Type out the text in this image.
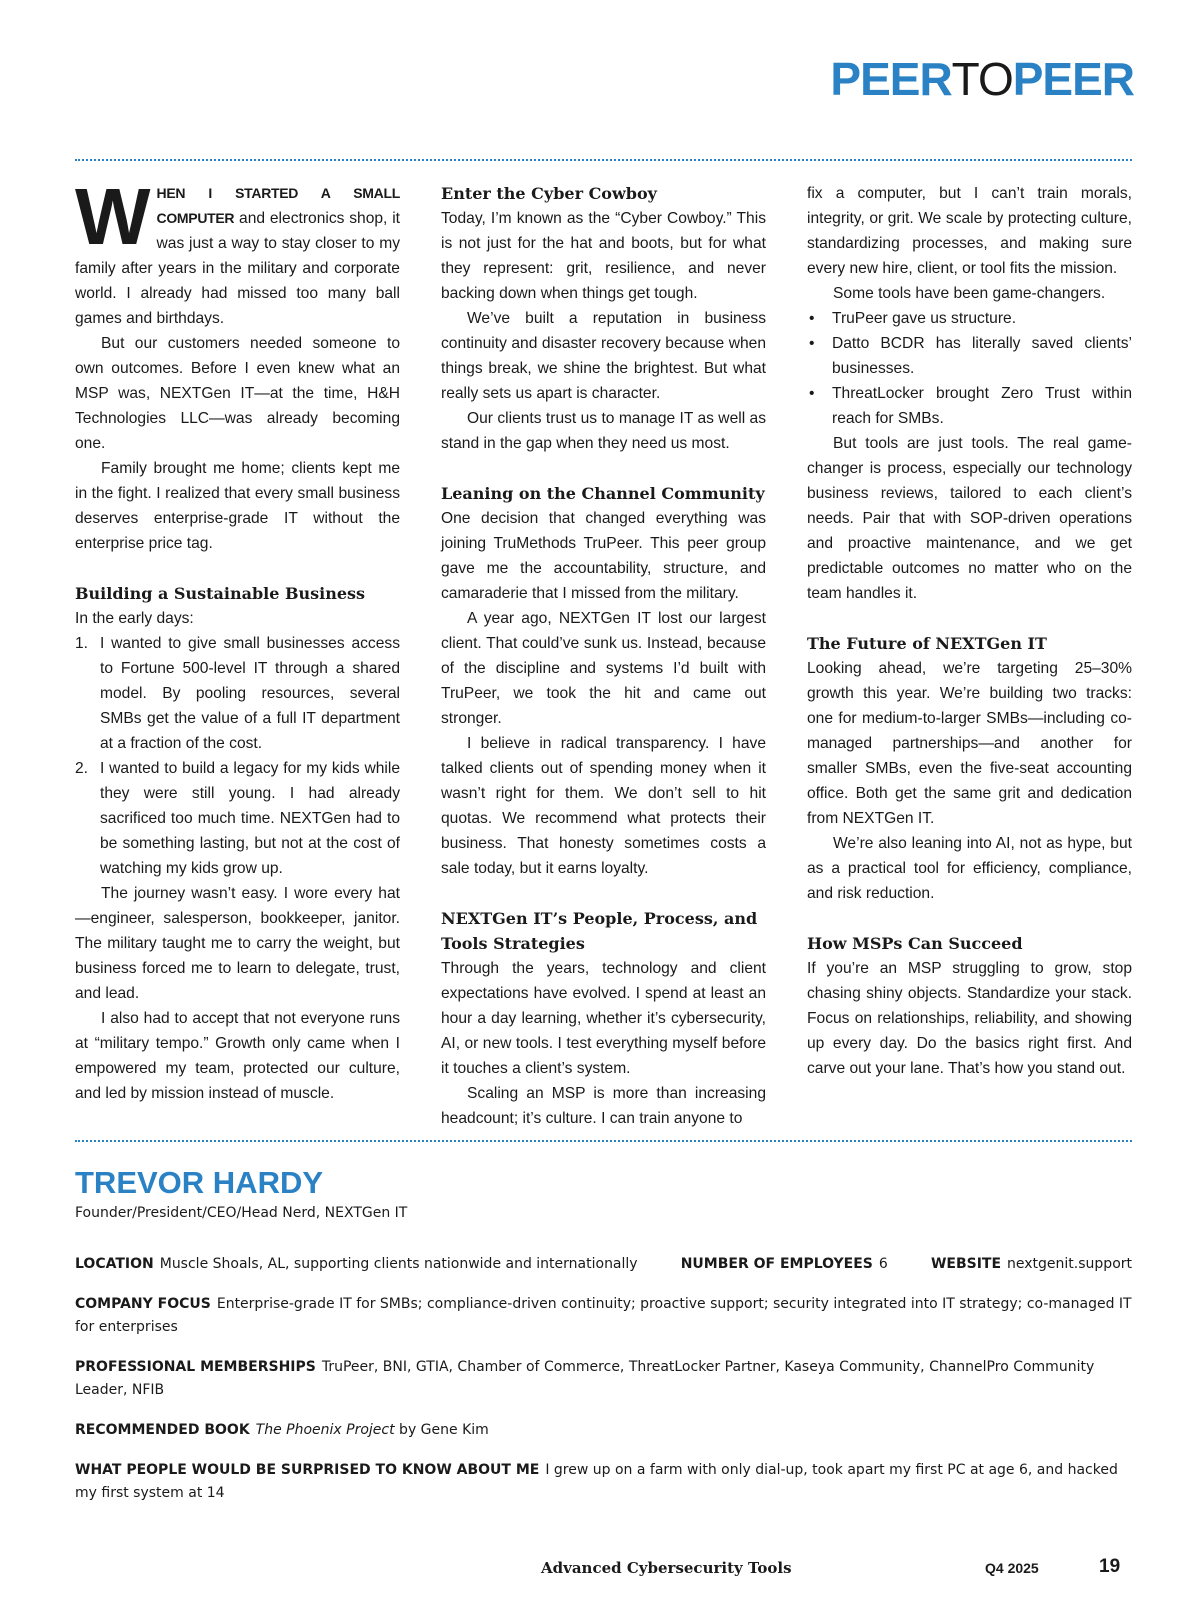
PEERTOPEER

WHEN I STARTED A SMALL COMPUTER and electronics shop, it was just a way to stay closer to my family after years in the military and corporate world. I already had missed too many ball games and birthdays.

But our customers needed someone to own outcomes. Before I even knew what an MSP was, NEXTGen IT—at the time, H&H Technologies LLC—was already becoming one.

Family brought me home; clients kept me in the fight. I realized that every small business deserves enterprise-grade IT without the enterprise price tag.

Building a Sustainable Business

In the early days:

1. I wanted to give small businesses access to Fortune 500-level IT through a shared model. By pooling resources, several SMBs get the value of a full IT department at a fraction of the cost.
2. I wanted to build a legacy for my kids while they were still young. I had already sacrificed too much time. NEXTGen had to be something lasting, but not at the cost of watching my kids grow up.

The journey wasn’t easy. I wore every hat—engineer, salesperson, bookkeeper, janitor. The military taught me to carry the weight, but business forced me to learn to delegate, trust, and lead.

I also had to accept that not everyone runs at “military tempo.” Growth only came when I empowered my team, protected our culture, and led by mission instead of muscle.

Enter the Cyber Cowboy

Today, I’m known as the “Cyber Cowboy.” This is not just for the hat and boots, but for what they represent: grit, resilience, and never backing down when things get tough.

We’ve built a reputation in business continuity and disaster recovery because when things break, we shine the brightest. But what really sets us apart is character.

Our clients trust us to manage IT as well as stand in the gap when they need us most.

Leaning on the Channel Community

One decision that changed everything was joining TruMethods TruPeer. This peer group gave me the accountability, structure, and camaraderie that I missed from the military.

A year ago, NEXTGen IT lost our largest client. That could’ve sunk us. Instead, because of the discipline and systems I’d built with TruPeer, we took the hit and came out stronger.

I believe in radical transparency. I have talked clients out of spending money when it wasn’t right for them. We don’t sell to hit quotas. We recommend what protects their business. That honesty sometimes costs a sale today, but it earns loyalty.

NEXTGen IT’s People, Process, and Tools Strategies

Through the years, technology and client expectations have evolved. I spend at least an hour a day learning, whether it’s cybersecurity, AI, or new tools. I test everything myself before it touches a client’s system.

Scaling an MSP is more than increasing headcount; it’s culture. I can train anyone to

fix a computer, but I can’t train morals, integrity, or grit. We scale by protecting culture, standardizing processes, and making sure every new hire, client, or tool fits the mission.

Some tools have been game-changers.

• TruPeer gave us structure.
• Datto BCDR has literally saved clients’ businesses.
• ThreatLocker brought Zero Trust within reach for SMBs.

But tools are just tools. The real game-changer is process, especially our technology business reviews, tailored to each client’s needs. Pair that with SOP-driven operations and proactive maintenance, and we get predictable outcomes no matter who on the team handles it.

The Future of NEXTGen IT

Looking ahead, we’re targeting 25–30% growth this year. We’re building two tracks: one for medium-to-larger SMBs—including co-managed partnerships—and another for smaller SMBs, even the five-seat accounting office. Both get the same grit and dedication from NEXTGen IT.

We’re also leaning into AI, not as hype, but as a practical tool for efficiency, compliance, and risk reduction.

How MSPs Can Succeed

If you’re an MSP struggling to grow, stop chasing shiny objects. Standardize your stack. Focus on relationships, reliability, and showing up every day. Do the basics right first. And carve out your lane. That’s how you stand out.

TREVOR HARDY
Founder/President/CEO/Head Nerd, NEXTGen IT
LOCATION Muscle Shoals, AL, supporting clients nationwide and internationally	NUMBER OF EMPLOYEES 6	WEBSITE nextgenit.support
COMPANY FOCUS Enterprise-grade IT for SMBs; compliance-driven continuity; proactive support; security integrated into IT strategy; co-managed IT for enterprises
PROFESSIONAL MEMBERSHIPS TruPeer, BNI, GTIA, Chamber of Commerce, ThreatLocker Partner, Kaseya Community, ChannelPro Community Leader, NFIB
RECOMMENDED BOOK The Phoenix Project by Gene Kim
WHAT PEOPLE WOULD BE SURPRISED TO KNOW ABOUT ME I grew up on a farm with only dial-up, took apart my first PC at age 6, and hacked my first system at 14
Advanced Cybersecurity Tools	Q4 2025	19
